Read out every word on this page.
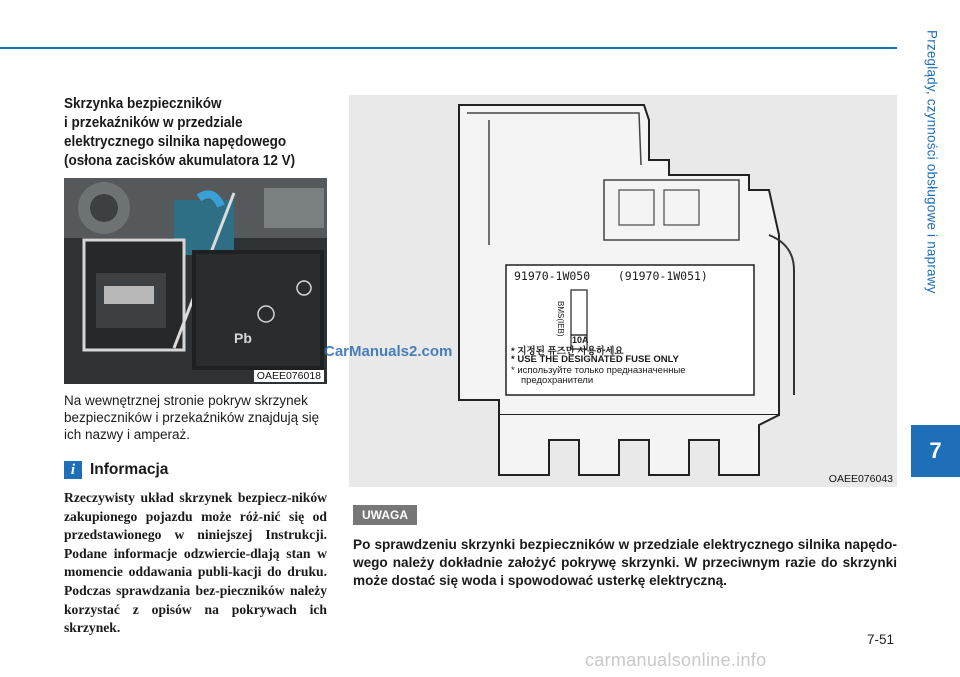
Przeglądy, czynności obsługowe i naprawy
7

Skrzynka bezpieczników

i przekaźników w przedziale

elektrycznego silnika napędowego

(osłona zacisków akumulatora 12 V)

Pb
OAEE076018
Na wewnętrznej stronie pokryw skrzynek
bezpieczników i przekaźników znajdują się
ich nazwy i amperaż.
i Informacja
Rzeczywisty układ skrzynek bezpiecz-ników zakupionego pojazdu może róż-nić się od przedstawionego w niniejszej Instrukcji. Podane informacje odzwiercie-dlają stan w momencie oddawania publi-kacji do druku. Podczas sprawdzania bez-pieczników należy korzystać z opisów na pokrywach ich skrzynek.
91970-1W050    (91970-1W051)
BMS(IEB)
10A
* 지정된 퓨즈만 사용하세요
* USE THE DESIGNATED FUSE ONLY
* используйте только предназначенные
предохранители
OAEE076043
CarManuals2.com
UWAGA
Po sprawdzeniu skrzynki bezpieczników w przedziale elektrycznego silnika napędo-wego należy dokładnie założyć pokrywę skrzynki. W przeciwnym razie do skrzynki może dostać się woda i spowodować usterkę elektryczną.
7-51
carmanualsonline.info
